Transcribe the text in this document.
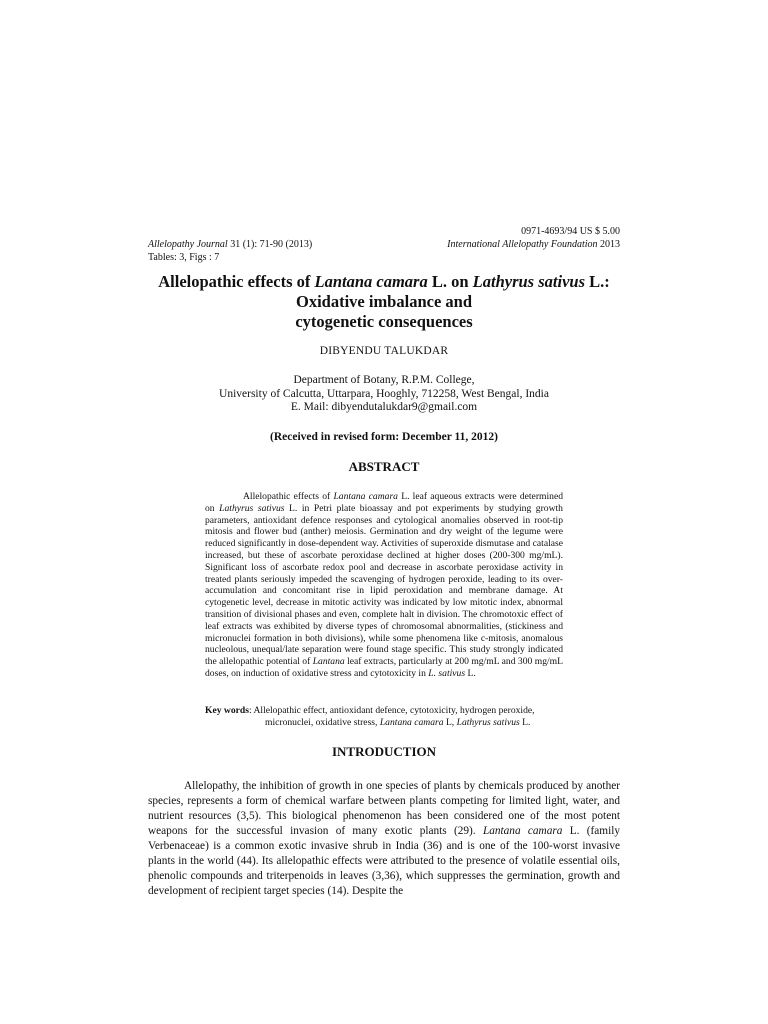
0971-4693/94 US $ 5.00
Allelopathy Journal 31 (1): 71-90 (2013)	International Allelopathy Foundation 2013
Tables: 3, Figs : 7
Allelopathic effects of Lantana camara L. on Lathyrus sativus L.: Oxidative imbalance and
cytogenetic consequences
DIBYENDU TALUKDAR
Department of Botany, R.P.M. College,
University of Calcutta, Uttarpara, Hooghly, 712258, West Bengal, India
E. Mail: dibyendutalukdar9@gmail.com
(Received in revised form: December 11, 2012)
ABSTRACT

Allelopathic effects of Lantana camara L. leaf aqueous extracts were determined on Lathyrus sativus L. in Petri plate bioassay and pot experiments by studying growth parameters, antioxidant defence responses and cytological anomalies observed in root-tip mitosis and flower bud (anther) meiosis. Germination and dry weight of the legume were reduced significantly in dose-dependent way. Activities of superoxide dismutase and catalase increased, but these of ascorbate peroxidase declined at higher doses (200-300 mg/mL). Significant loss of ascorbate redox pool and decrease in ascorbate peroxidase activity in treated plants seriously impeded the scavenging of hydrogen peroxide, leading to its over-accumulation and concomitant rise in lipid peroxidation and membrane damage. At cytogenetic level, decrease in mitotic activity was indicated by low mitotic index, abnormal transition of divisional phases and even, complete halt in division. The chromotoxic effect of leaf extracts was exhibited by diverse types of chromosomal abnormalities, (stickiness and micronuclei formation in both divisions), while some phenomena like c-mitosis, anomalous nucleolous, unequal/late separation were found stage specific. This study strongly indicated the allelopathic potential of Lantana leaf extracts, particularly at 200 mg/mL and 300 mg/mL doses, on induction of oxidative stress and cytotoxicity in L. sativus L.

Key words: Allelopathic effect, antioxidant defence, cytotoxicity, hydrogen peroxide,
micronuclei, oxidative stress, Lantana camara L, Lathyrus sativus L.
INTRODUCTION

Allelopathy, the inhibition of growth in one species of plants by chemicals produced by another species, represents a form of chemical warfare between plants competing for limited light, water, and nutrient resources (3,5). This biological phenomenon has been considered one of the most potent weapons for the successful invasion of many exotic plants (29). Lantana camara L. (family Verbenaceae) is a common exotic invasive shrub in India (36) and is one of the 100-worst invasive plants in the world (44). Its allelopathic effects were attributed to the presence of volatile essential oils, phenolic compounds and triterpenoids in leaves (3,36), which suppresses the germination, growth and development of recipient target species (14). Despite the
